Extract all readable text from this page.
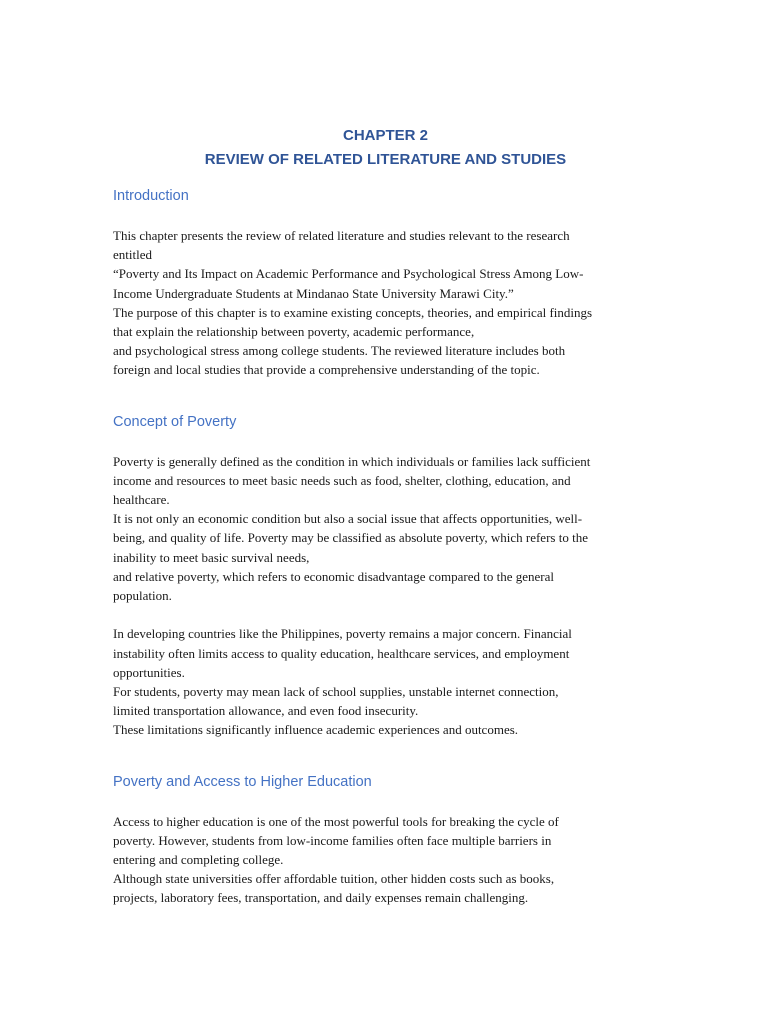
CHAPTER 2
REVIEW OF RELATED LITERATURE AND STUDIES
Introduction

This chapter presents the review of related literature and studies relevant to the research
entitled
“Poverty and Its Impact on Academic Performance and Psychological Stress Among Low-
Income Undergraduate Students at Mindanao State University Marawi City.”
The purpose of this chapter is to examine existing concepts, theories, and empirical findings
that explain the relationship between poverty, academic performance,
and psychological stress among college students. The reviewed literature includes both
foreign and local studies that provide a comprehensive understanding of the topic.

Concept of Poverty

Poverty is generally defined as the condition in which individuals or families lack sufficient
income and resources to meet basic needs such as food, shelter, clothing, education, and
healthcare.
It is not only an economic condition but also a social issue that affects opportunities, well-
being, and quality of life. Poverty may be classified as absolute poverty, which refers to the
inability to meet basic survival needs,
and relative poverty, which refers to economic disadvantage compared to the general
population.

In developing countries like the Philippines, poverty remains a major concern. Financial
instability often limits access to quality education, healthcare services, and employment
opportunities.
For students, poverty may mean lack of school supplies, unstable internet connection,
limited transportation allowance, and even food insecurity.
These limitations significantly influence academic experiences and outcomes.

Poverty and Access to Higher Education

Access to higher education is one of the most powerful tools for breaking the cycle of
poverty. However, students from low-income families often face multiple barriers in
entering and completing college.
Although state universities offer affordable tuition, other hidden costs such as books,
projects, laboratory fees, transportation, and daily expenses remain challenging.
